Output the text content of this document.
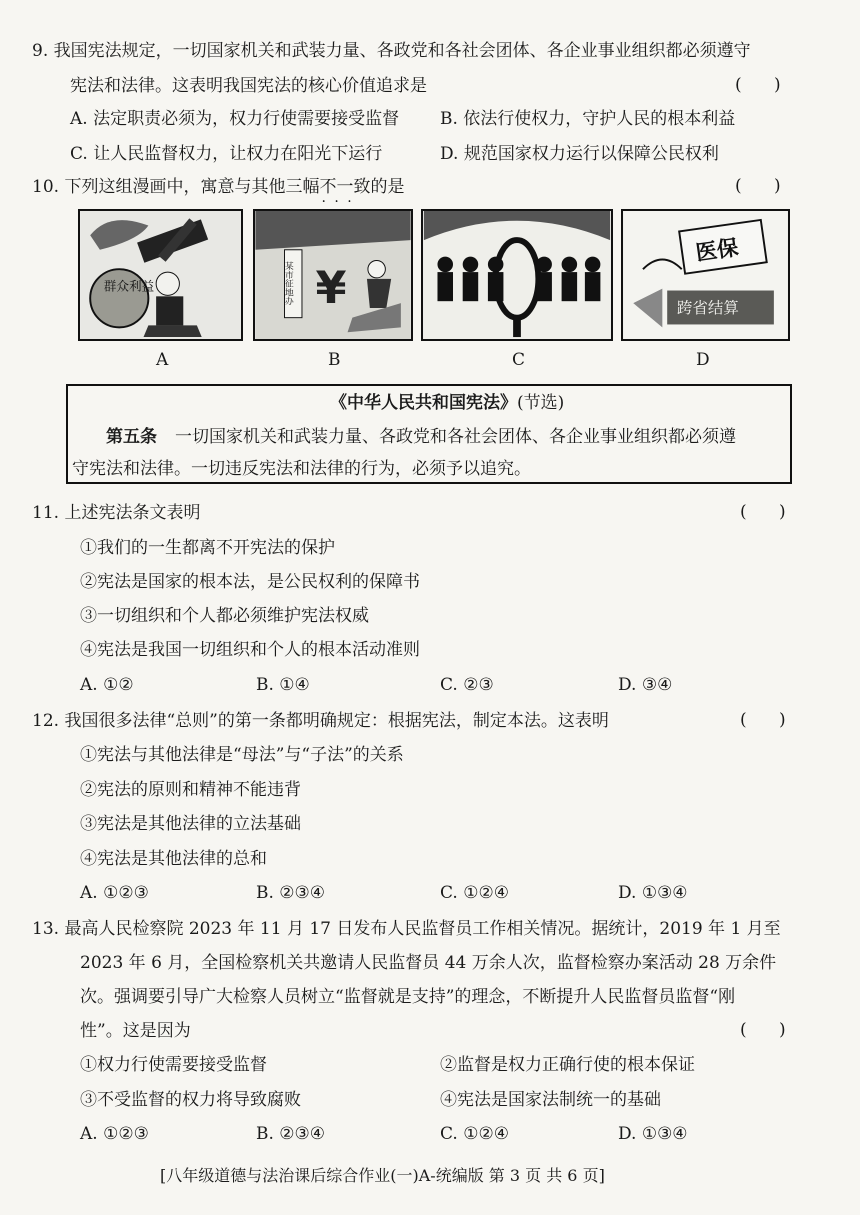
9. 我国宪法规定，一切国家机关和武装力量、各政党和各社会团体、各企业事业组织都必须遵守
宪法和法律。这表明我国宪法的核心价值追求是	(      )
A. 法定职责必须为，权力行使需要接受监督 B. 依法行使权力，守护人民的根本利益
C. 让人民监督权力，让权力在阳光下运行	D. 规范国家权力运行以保障公民权利
10. 下列这组漫画中，寓意与其他三幅不一致 · · ·的是	(      )
群众利益	某市征地办 ¥
医保
跨省结算
A	B	C	D
《中华人民共和国宪法》(节选)
第五条 一切国家机关和武装力量、各政党和各社会团体、各企业事业组织都必须遵
守宪法和法律。一切违反宪法和法律的行为，必须予以追究。
11. 上述宪法条文表明	(      )
①我们的一生都离不开宪法的保护
②宪法是国家的根本法，是公民权利的保障书
③一切组织和个人都必须维护宪法权威
④宪法是我国一切组织和个人的根本活动准则
A. ①②	B. ①④	C. ②③	D. ③④
12. 我国很多法律“总则”的第一条都明确规定：根据宪法，制定本法。这表明	(      )
①宪法与其他法律是“母法”与“子法”的关系
②宪法的原则和精神不能违背
③宪法是其他法律的立法基础
④宪法是其他法律的总和
A. ①②③	B. ②③④	C. ①②④	D. ①③④
13. 最高人民检察院 2023 年 11 月 17 日发布人民监督员工作相关情况。据统计，2019 年 1 月至
2023 年 6 月，全国检察机关共邀请人民监督员 44 万余人次，监督检察办案活动 28 万余件
次。强调要引导广大检察人员树立“监督就是支持”的理念，不断提升人民监督员监督“刚
性”。这是因为	(      )
①权力行使需要接受监督	②监督是权力正确行使的根本保证
③不受监督的权力将导致腐败	④宪法是国家法制统一的基础
A. ①②③	B. ②③④	C. ①②④	D. ①③④
[八年级道德与法治课后综合作业(一)A-统编版 第 3 页 共 6 页]
